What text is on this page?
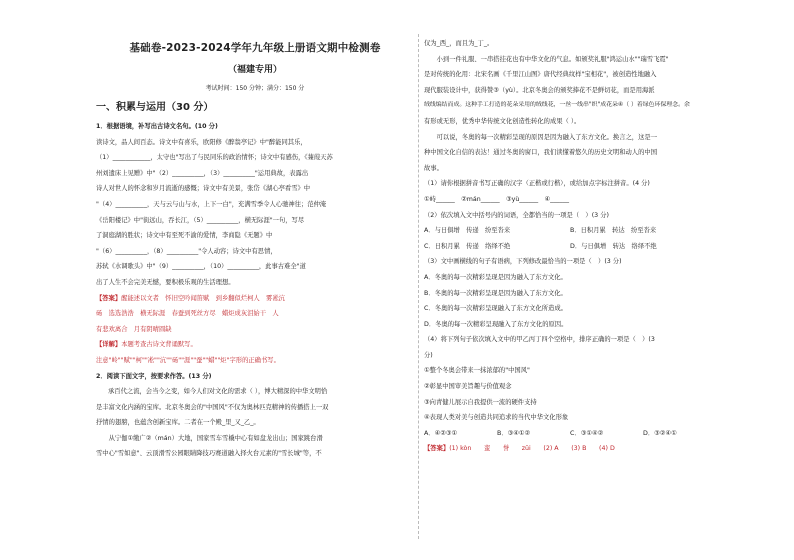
基础卷-2023-2024学年九年级上册语文期中检测卷
（福建专用）
考试时间：150 分钟；满分：150 分
一、积累与运用（30 分）

1．根据语境，补写出古诗文名句。(10 分)

读诗文，品人间百态。诗文中有喜乐，欧阳修《醉翁亭记》中"醉能同其乐，

（1）____________，太守也"写出了与民同乐的政治情怀；诗文中有感伤，《蒹葭天苏

州刘遗床上见赠》中"（2）__________，（3）__________"运用典故，表露出

诗人对世人的怀念和岁月流逝的感慨；诗文中有美景，张岱《湖心亭看雪》中

"（4）__________，天与云与山与水，上下一白"，充满雪季令人心驰神往；范仲淹

《岳阳楼记》中"街远山，吞长江，（5）__________，横无际涯"一句，写尽

了洞庭湖的胜状；诗文中有至死不渝的爱情，李商隐《无题》中

"（6）__________，（8）__________"令人动容；诗文中有思情，

苏轼《水调歌头》中"（9）__________，（10）__________，此事古难全"道

出了人生不会完美无憾，要积极乐观的生活理想。

【答案】醒能述以文者　怀旧空吟闻笛赋　到乡翻似烂柯人　雾凇沆

砀　选选浩浩　横无际涯　春蚕到死丝方尽　蜡炬成灰泪始干　人

有悲欢离合　月有阴晴圆缺

【详解】本题考查古诗文背诵默写。

注意"岭""赋""柯""凇""沆""砀""涯""蚕""蜡""炬"字形的正确书写。

2．阅读下面文字，按要求作答。(13 分)

承百代之流，会当今之变，如今人们对文化的需求（ ），博大精深的中华文明恰

是丰富文化内涵的宝库。北京冬奥会的"中国风"不仅为奥林匹克精神的传播搭上一双

抒情的翅膀，也蕴含创新宝库。二者在一个殿_里_又_乙_。

　　从宁伽①缴广②（mán）大地，国家雪车雪橇中心有如盘龙出山；国家跳台滑

雪中心"雪如意"、云顶滑雪公园眼睛降技巧赛道融入择火台元素的"雪长城"等，不

仅为_西_，而且为_丁_。

　　小到一件礼服、一串搭挂花也有中华文化的气息。如颁奖礼服"鸿运山水""瑞雪飞霓"

是对传统的化用：北宋名画《千里江山图》唐代经典纹样"宝相花"，被创造性地融入

现代服装设计中，获得赞③（yù）。北京冬奥会的颁奖捧花不是鲜切花，而是用海派

绒线编结而成。这种手工打造的花朵采用的绒线花，一丝一线串"织"成花朵④（ ）着绿色环保理念。余

有形或无形，优秀中华传统文化创造性转化的成果（ ）。

　　可以说，冬奥的每一次精彩呈现的原因是因为融入了东方文化。换言之，这是一

种中国文化自信的表达！通过冬奥的窗口，我们读懂着悠久的历史文明和动人的中国

故事。

（1）请你根据拼音书写正确的汉字（正楷或行楷），或给加点字标注拼音。(4 分)

①峙______　②mán______　③yù______　④______

（2）依次填入文中括号内的词语，全都恰当的一项是（　）(3 分)

A．与日俱增　传递　纷至沓来	B．日积月累　转达　纷至沓来
C．日积月累　传递　络绎不绝	D．与日俱增　转达　络绎不绝

（3）文中画横线的句子有语病，下列修改最恰当的一项是（　）(3 分)

A．冬奥的每一次精彩呈现是因为融入了东方文化。

B．冬奥的每一次精彩呈现是因为融入了东方文化。

C．冬奥的每一次精彩呈现融入了东方文化所造成。

D．冬奥的每一次精彩呈现融入了东方文化的原因。

（4）将下列句子依次填入文中的甲乙丙丁四个空格中，排序正确的一项是（　）(3

分)

①整个冬奥会带来一抹浓郁的"中国风"

②彰显中国审美旨趣与价值观念

③向青健儿展示自我提供一流的硬件支持

④表现人类对美与创造共同追求的当代中华文化形象

A．④②③①	B．③④①②	C．③①④②	D．③②④①

【答案】(1) kòn　　蛮　　誉　　zūi　　(2) A　　(3) B　　(4) D
